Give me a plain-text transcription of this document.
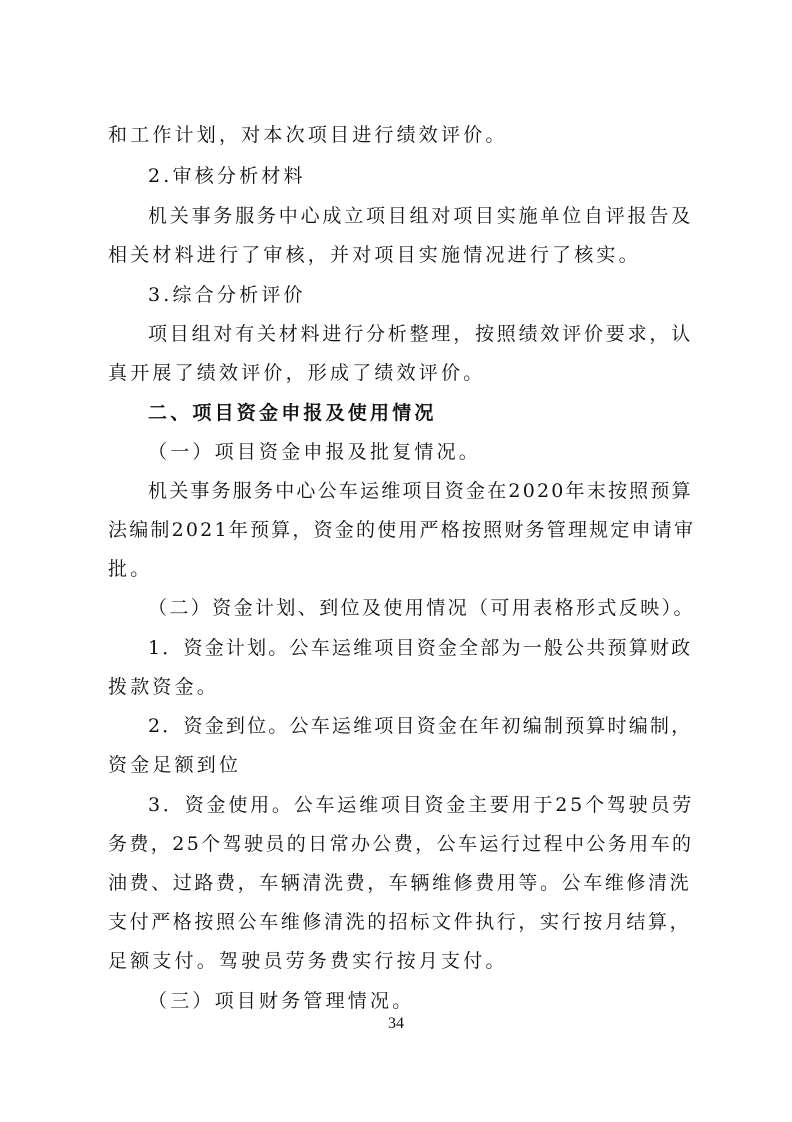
和工作计划，对本次项目进行绩效评价。
2.审核分析材料
机关事务服务中心成立项目组对项目实施单位自评报告及
相关材料进行了审核，并对项目实施情况进行了核实。
3.综合分析评价
项目组对有关材料进行分析整理，按照绩效评价要求，认
真开展了绩效评价，形成了绩效评价。
二、项目资金申报及使用情况
（一）项目资金申报及批复情况。
机关事务服务中心公车运维项目资金在2020年末按照预算
法编制2021年预算，资金的使用严格按照财务管理规定申请审
批。
（二）资金计划、到位及使用情况（可用表格形式反映）。
1．资金计划。公车运维项目资金全部为一般公共预算财政
拨款资金。
2．资金到位。公车运维项目资金在年初编制预算时编制，
资金足额到位
3．资金使用。公车运维项目资金主要用于25个驾驶员劳
务费，25个驾驶员的日常办公费，公车运行过程中公务用车的
油费、过路费，车辆清洗费，车辆维修费用等。公车维修清洗
支付严格按照公车维修清洗的招标文件执行，实行按月结算，
足额支付。驾驶员劳务费实行按月支付。
（三）项目财务管理情况。
34
